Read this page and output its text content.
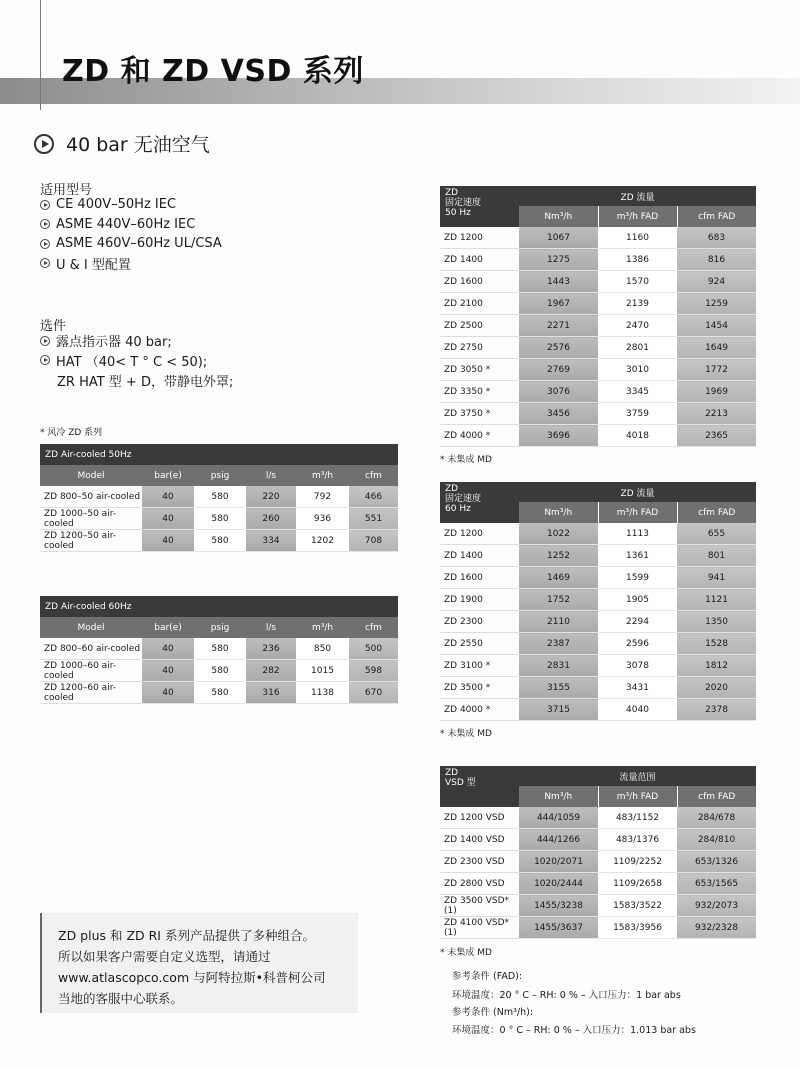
ZD 和 ZD VSD 系列
40 bar 无油空气
适用型号
CE 400V–50Hz IEC
ASME 440V–60Hz IEC
ASME 460V–60Hz UL/CSA
U & I 型配置
选件
露点指示器 40 bar;
HAT （40< T ° C < 50);
ZR HAT 型 + D，带静电外罩;
* 风冷 ZD 系列
ZD Air-cooled 50Hz					
Model	bar(e)	psig	l/s	m³/h	cfm
ZD 800–50 air-cooled	40	580	220	792	466
ZD 1000–50 air-cooled	40	580	260	936	551
ZD 1200–50 air-cooled	40	580	334	1202	708
ZD Air-cooled 60Hz					
Model	bar(e)	psig	l/s	m³/h	cfm
ZD 800–60 air-cooled	40	580	236	850	500
ZD 1000–60 air-cooled	40	580	282	1015	598
ZD 1200–60 air-cooled	40	580	316	1138	670
ZD
固定速度
50 Hz	ZD 流量		
	Nm³/h	m³/h FAD	cfm FAD
ZD 1200	1067	1160	683
ZD 1400	1275	1386	816
ZD 1600	1443	1570	924
ZD 2100	1967	2139	1259
ZD 2500	2271	2470	1454
ZD 2750	2576	2801	1649
ZD 3050 *	2769	3010	1772
ZD 3350 *	3076	3345	1969
ZD 3750 *	3456	3759	2213
ZD 4000 *	3696	4018	2365
* 未集成 MD
ZD
固定速度
60 Hz	ZD 流量		
	Nm³/h	m³/h FAD	cfm FAD
ZD 1200	1022	1113	655
ZD 1400	1252	1361	801
ZD 1600	1469	1599	941
ZD 1900	1752	1905	1121
ZD 2300	2110	2294	1350
ZD 2550	2387	2596	1528
ZD 3100 *	2831	3078	1812
ZD 3500 *	3155	3431	2020
ZD 4000 *	3715	4040	2378
* 未集成 MD
ZD
VSD 型	流量范围		
	Nm³/h	m³/h FAD	cfm FAD
ZD 1200 VSD	444/1059	483/1152	284/678
ZD 1400 VSD	444/1266	483/1376	284/810
ZD 2300 VSD	1020/2071	1109/2252	653/1326
ZD 2800 VSD	1020/2444	1109/2658	653/1565
ZD 3500 VSD*(1)	1455/3238	1583/3522	932/2073
ZD 4100 VSD*(1)	1455/3637	1583/3956	932/2328
* 未集成 MD
ZD plus 和 ZD RI 系列产品提供了多种组合。
所以如果客户需要自定义选型，请通过
www.atlascopco.com 与阿特拉斯•科普柯公司
当地的客服中心联系。
参考条件 (FAD):
环境温度：20 ° C – RH: 0 % – 入口压力：1 bar abs
参考条件 (Nm³/h):
环境温度：0 ° C – RH: 0 % – 入口压力：1.013 bar abs
